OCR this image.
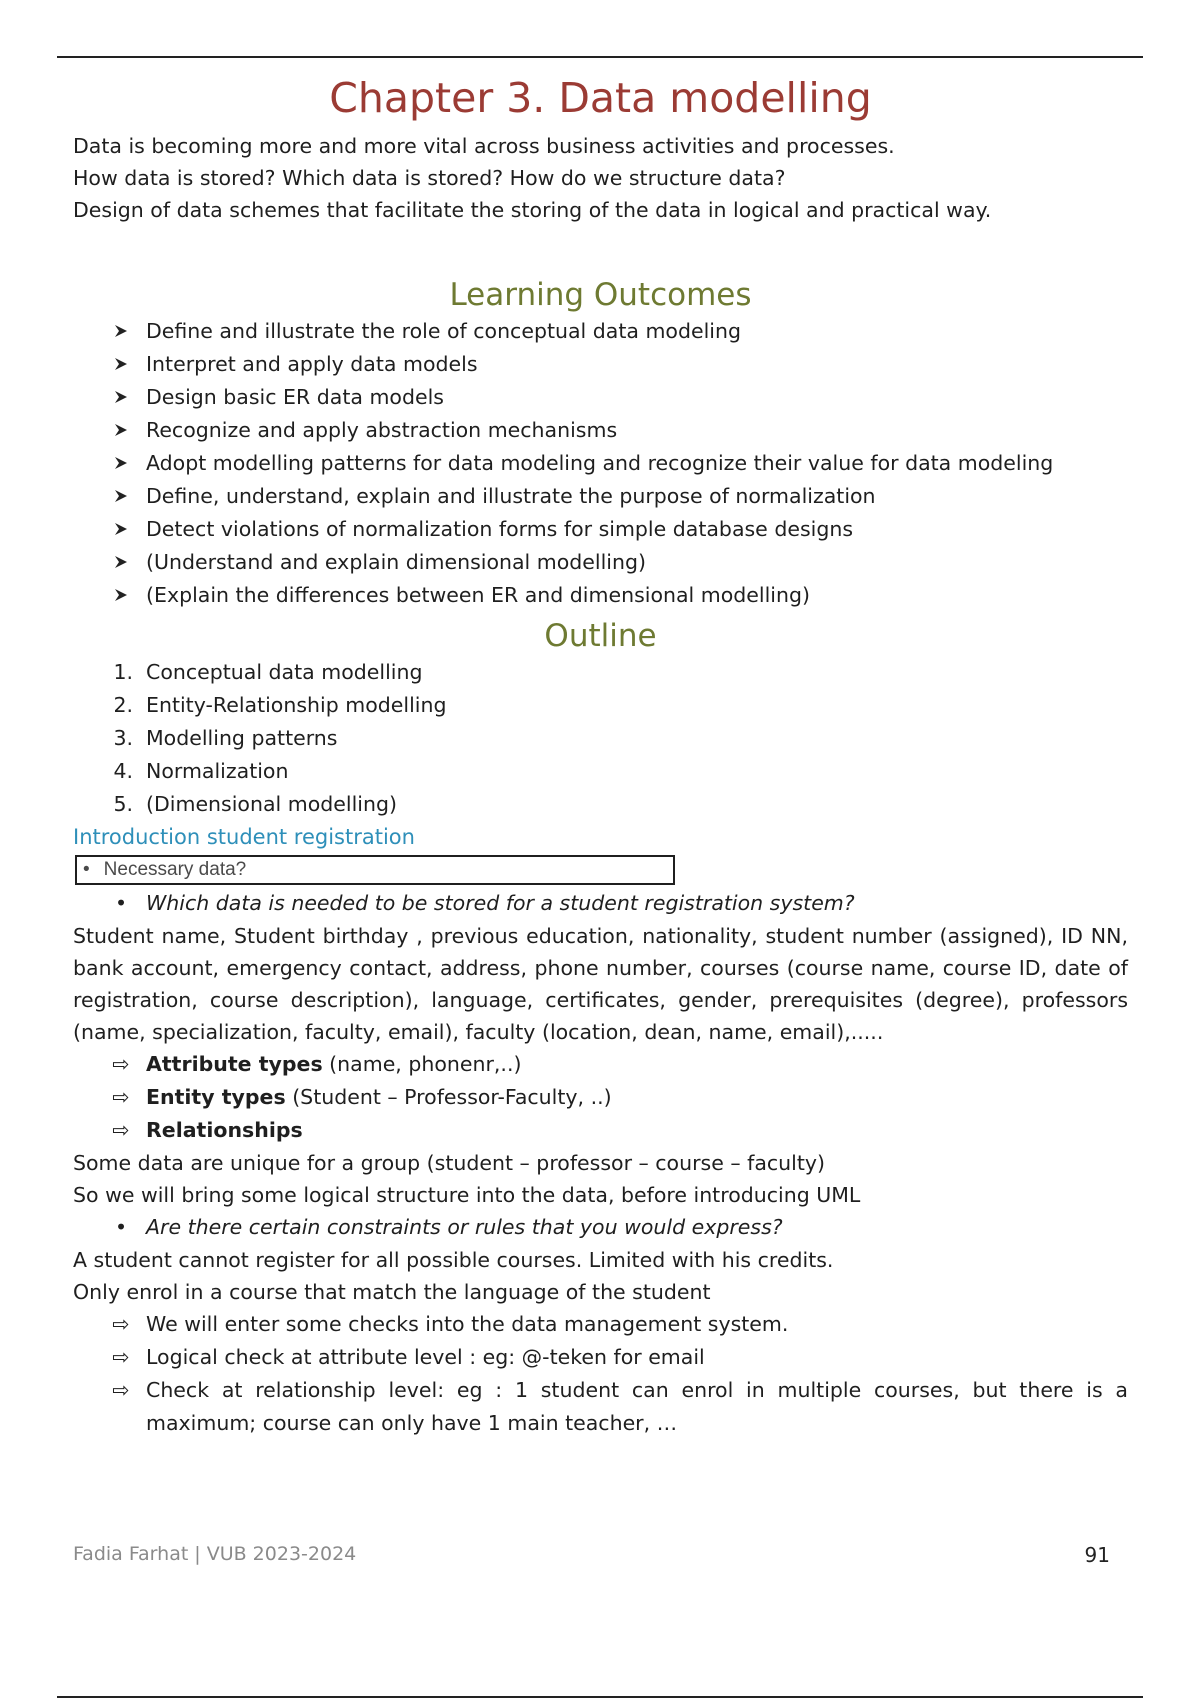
Chapter 3. Data modelling

Data is becoming more and more vital across business activities and processes.

How data is stored? Which data is stored? How do we structure data?

Design of data schemes that facilitate the storing of the data in logical and practical way.

Learning Outcomes
Define and illustrate the role of conceptual data modeling
Interpret and apply data models
Design basic ER data models
Recognize and apply abstraction mechanisms
Adopt modelling patterns for data modeling and recognize their value for data modeling
Define, understand, explain and illustrate the purpose of normalization
Detect violations of normalization forms for simple database designs
(Understand and explain dimensional modelling)
(Explain the differences between ER and dimensional modelling)
Outline
1. Conceptual data modelling
2. Entity-Relationship modelling
3. Modelling patterns
4. Normalization
5. (Dimensional modelling)
Introduction student registration
• Necessary data?
• Which data is needed to be stored for a student registration system?

Student name, Student birthday , previous education, nationality, student number (assigned), ID NN, bank account, emergency contact, address, phone number, courses (course name, course ID, date of registration, course description), language, certificates, gender, prerequisites (degree), professors (name, specialization, faculty, email), faculty (location, dean, name, email),.....

⇨ Attribute types (name, phonenr,..)
⇨ Entity types (Student – Professor-Faculty, ..)
⇨ Relationships

Some data are unique for a group (student – professor – course – faculty)

So we will bring some logical structure into the data, before introducing UML

• Are there certain constraints or rules that you would express?

A student cannot register for all possible courses. Limited with his credits.

Only enrol in a course that match the language of the student

⇨ We will enter some checks into the data management system.
⇨ Logical check at attribute level : eg: @-teken for email
⇨ Check at relationship level: eg : 1 student can enrol in multiple courses, but there is a maximum; course can only have 1 main teacher, …
Fadia Farhat | VUB 2023-2024	91
